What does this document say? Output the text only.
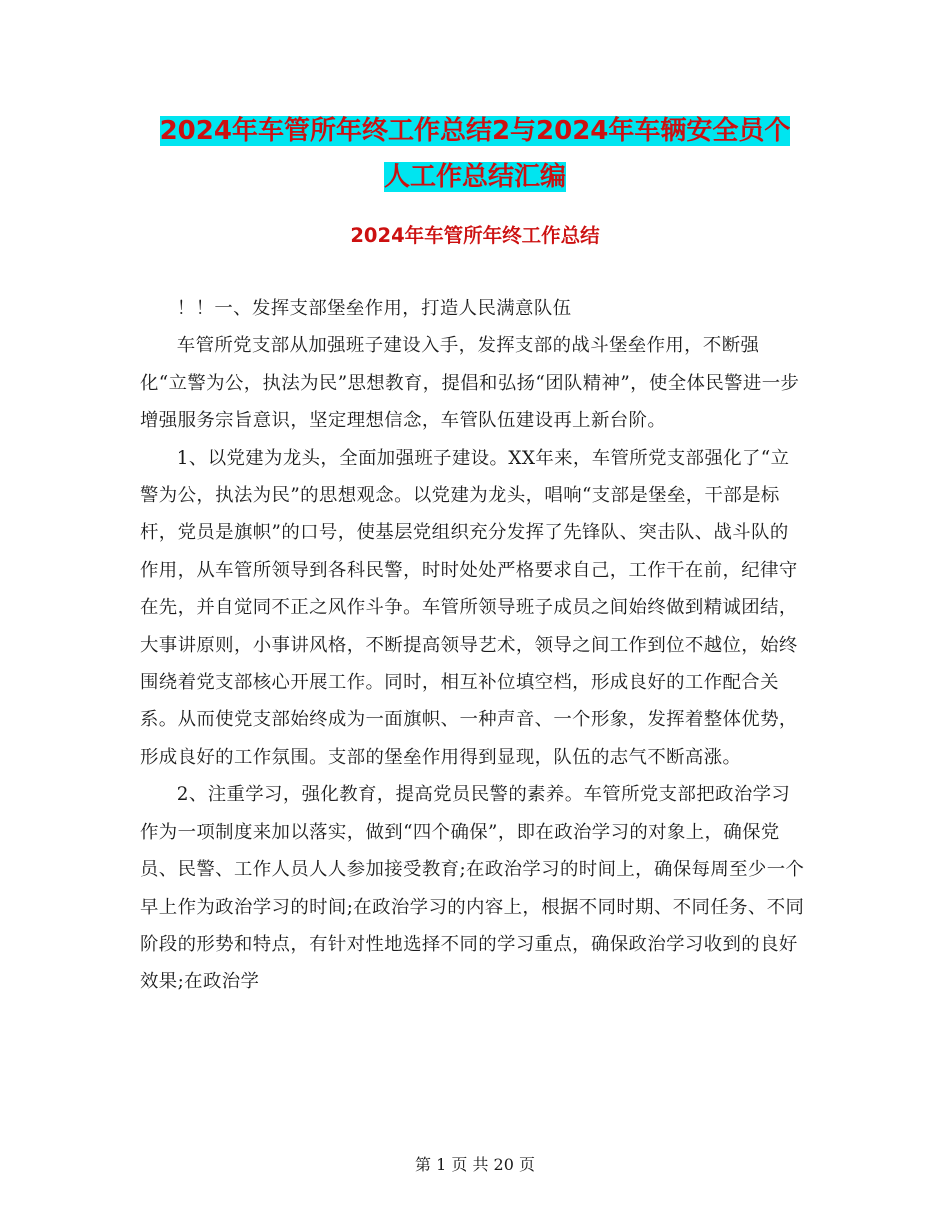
2024年车管所年终工作总结2与2024年车辆安全员个
人工作总结汇编
2024年车管所年终工作总结

！！一、发挥支部堡垒作用，打造人民满意队伍

车管所党支部从加强班子建设入手，发挥支部的战斗堡垒作用，不断强化“立警为公，执法为民”思想教育，提倡和弘扬“团队精神”，使全体民警进一步增强服务宗旨意识，坚定理想信念，车管队伍建设再上新台阶。

1、以党建为龙头，全面加强班子建设。XX年来，车管所党支部强化了“立警为公，执法为民”的思想观念。以党建为龙头，唱响“支部是堡垒，干部是标杆，党员是旗帜”的口号，使基层党组织充分发挥了先锋队、突击队、战斗队的作用，从车管所领导到各科民警，时时处处严格要求自己，工作干在前，纪律守在先，并自觉同不正之风作斗争。车管所领导班子成员之间始终做到精诚团结，大事讲原则，小事讲风格，不断提高领导艺术，领导之间工作到位不越位，始终围绕着党支部核心开展工作。同时，相互补位填空档，形成良好的工作配合关系。从而使党支部始终成为一面旗帜、一种声音、一个形象，发挥着整体优势，形成良好的工作氛围。支部的堡垒作用得到显现，队伍的志气不断高涨。

2、注重学习，强化教育，提高党员民警的素养。车管所党支部把政治学习作为一项制度来加以落实，做到“四个确保”，即在政治学习的对象上，确保党员、民警、工作人员人人参加接受教育;在政治学习的时间上，确保每周至少一个早上作为政治学习的时间;在政治学习的内容上，根据不同时期、不同任务、不同阶段的形势和特点，有针对性地选择不同的学习重点，确保政治学习收到的良好效果;在政治学

第 1 页 共 20 页
